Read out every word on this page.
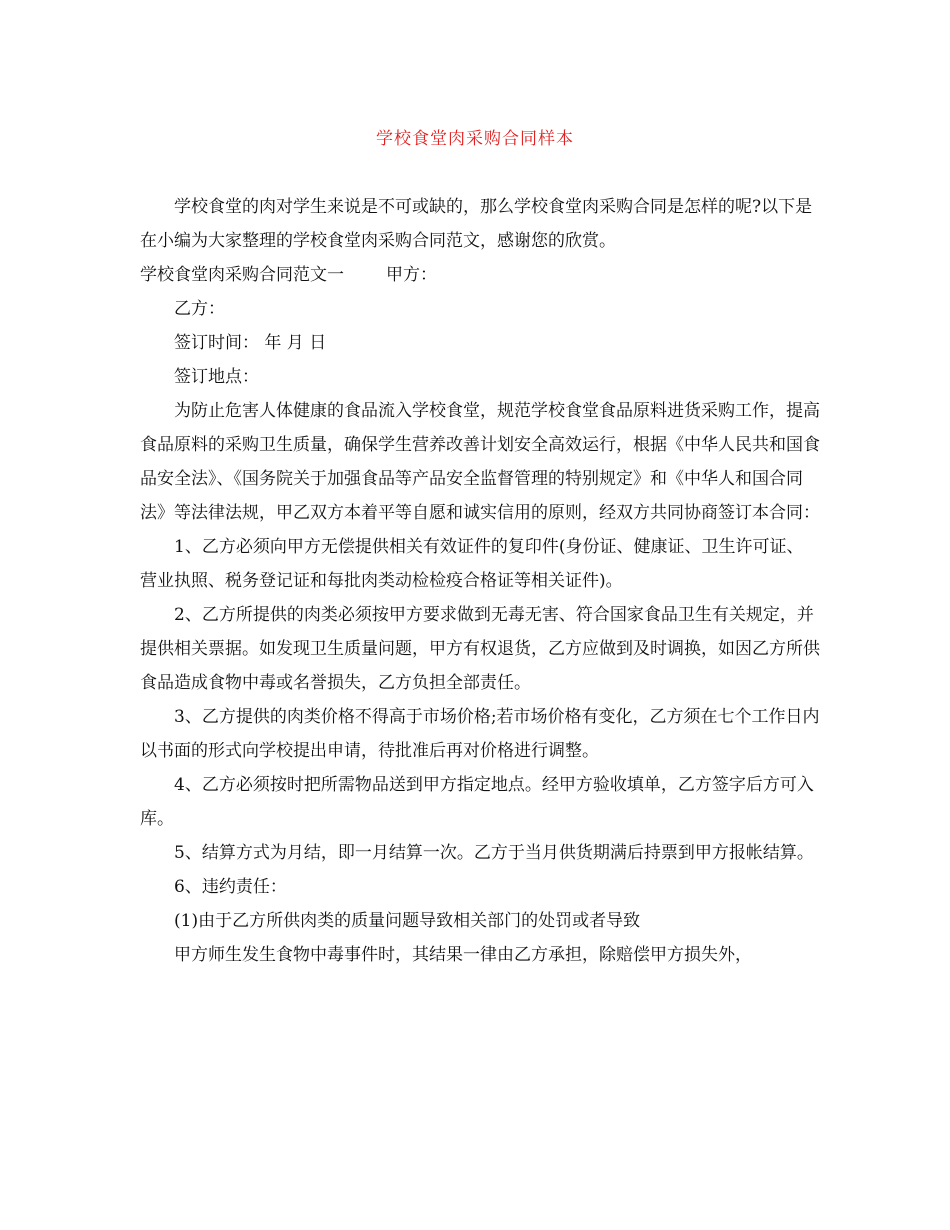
学校食堂肉采购合同样本

学校食堂的肉对学生来说是不可或缺的，那么学校食堂肉采购合同是怎样的呢?以下是在小编为大家整理的学校食堂肉采购合同范文，感谢您的欣赏。

学校食堂肉采购合同范文一 甲方：

乙方：

签订时间： 年 月 日

签订地点：

为防止危害人体健康的食品流入学校食堂，规范学校食堂食品原料进货采购工作，提高食品原料的采购卫生质量，确保学生营养改善计划安全高效运行，根据《中华人民共和国食品安全法》、《国务院关于加强食品等产品安全监督管理的特别规定》和《中华人和国合同法》等法律法规，甲乙双方本着平等自愿和诚实信用的原则，经双方共同协商签订本合同：

1、乙方必须向甲方无偿提供相关有效证件的复印件(身份证、健康证、卫生许可证、营业执照、税务登记证和每批肉类动检检疫合格证等相关证件)。

2、乙方所提供的肉类必须按甲方要求做到无毒无害、符合国家食品卫生有关规定，并提供相关票据。如发现卫生质量问题，甲方有权退货，乙方应做到及时调换，如因乙方所供食品造成食物中毒或名誉损失，乙方负担全部责任。

3、乙方提供的肉类价格不得高于市场价格;若市场价格有变化，乙方须在七个工作日内以书面的形式向学校提出申请，待批准后再对价格进行调整。

4、乙方必须按时把所需物品送到甲方指定地点。经甲方验收填单，乙方签字后方可入库。

5、结算方式为月结，即一月结算一次。乙方于当月供货期满后持票到甲方报帐结算。

6、违约责任：

(1)由于乙方所供肉类的质量问题导致相关部门的处罚或者导致

甲方师生发生食物中毒事件时，其结果一律由乙方承担，除赔偿甲方损失外，
